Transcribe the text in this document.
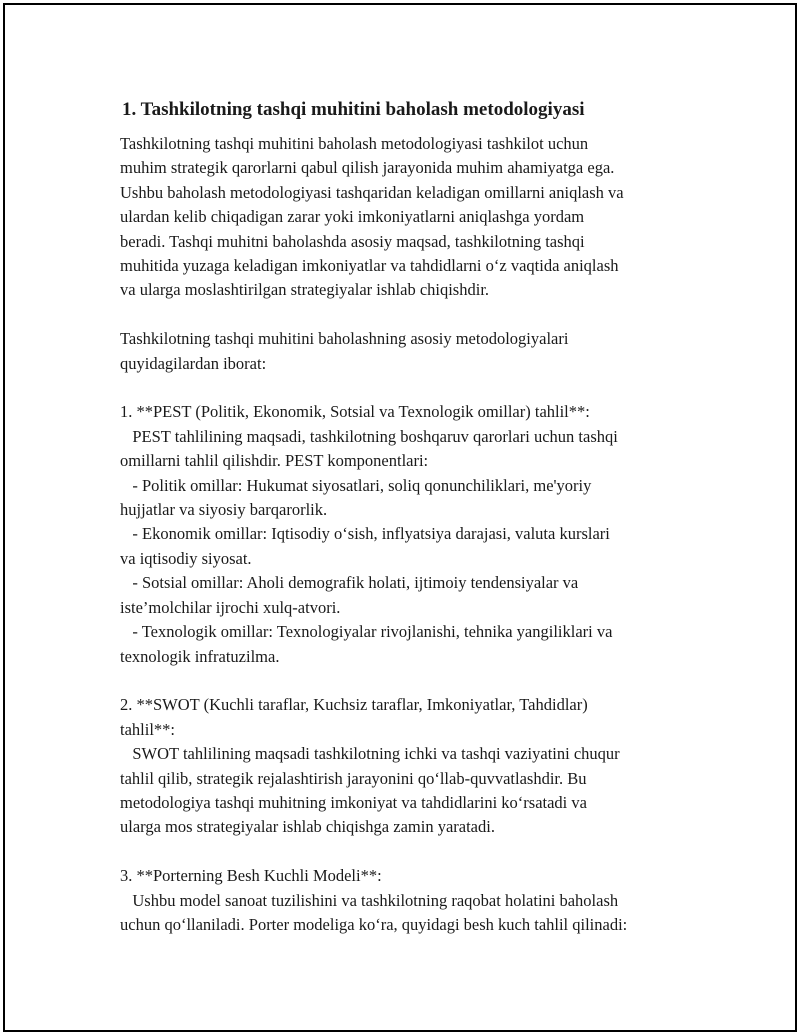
1. Tashkilotning tashqi muhitini baholash metodologiyasi
Tashkilotning tashqi muhitini baholash metodologiyasi tashkilot uchun
muhim strategik qarorlarni qabul qilish jarayonida muhim ahamiyatga ega.
Ushbu baholash metodologiyasi tashqaridan keladigan omillarni aniqlash va
ulardan kelib chiqadigan zarar yoki imkoniyatlarni aniqlashga yordam
beradi. Tashqi muhitni baholashda asosiy maqsad, tashkilotning tashqi
muhitida yuzaga keladigan imkoniyatlar va tahdidlarni o‘z vaqtida aniqlash
va ularga moslashtirilgan strategiyalar ishlab chiqishdir.
Tashkilotning tashqi muhitini baholashning asosiy metodologiyalari
quyidagilardan iborat:
1. **PEST (Politik, Ekonomik, Sotsial va Texnologik omillar) tahlil**:
PEST tahlilining maqsadi, tashkilotning boshqaruv qarorlari uchun tashqi
omillarni tahlil qilishdir. PEST komponentlari:
- Politik omillar: Hukumat siyosatlari, soliq qonunchiliklari, me'yoriy
hujjatlar va siyosiy barqarorlik.
- Ekonomik omillar: Iqtisodiy o‘sish, inflyatsiya darajasi, valuta kurslari
va iqtisodiy siyosat.
- Sotsial omillar: Aholi demografik holati, ijtimoiy tendensiyalar va
iste’molchilar ijrochi xulq-atvori.
- Texnologik omillar: Texnologiyalar rivojlanishi, tehnika yangiliklari va
texnologik infratuzilma.
2. **SWOT (Kuchli taraflar, Kuchsiz taraflar, Imkoniyatlar, Tahdidlar)
tahlil**:
SWOT tahlilining maqsadi tashkilotning ichki va tashqi vaziyatini chuqur
tahlil qilib, strategik rejalashtirish jarayonini qo‘llab-quvvatlashdir. Bu
metodologiya tashqi muhitning imkoniyat va tahdidlarini ko‘rsatadi va
ularga mos strategiyalar ishlab chiqishga zamin yaratadi.
3. **Porterning Besh Kuchli Modeli**:
Ushbu model sanoat tuzilishini va tashkilotning raqobat holatini baholash
uchun qo‘llaniladi. Porter modeliga ko‘ra, quyidagi besh kuch tahlil qilinadi:
